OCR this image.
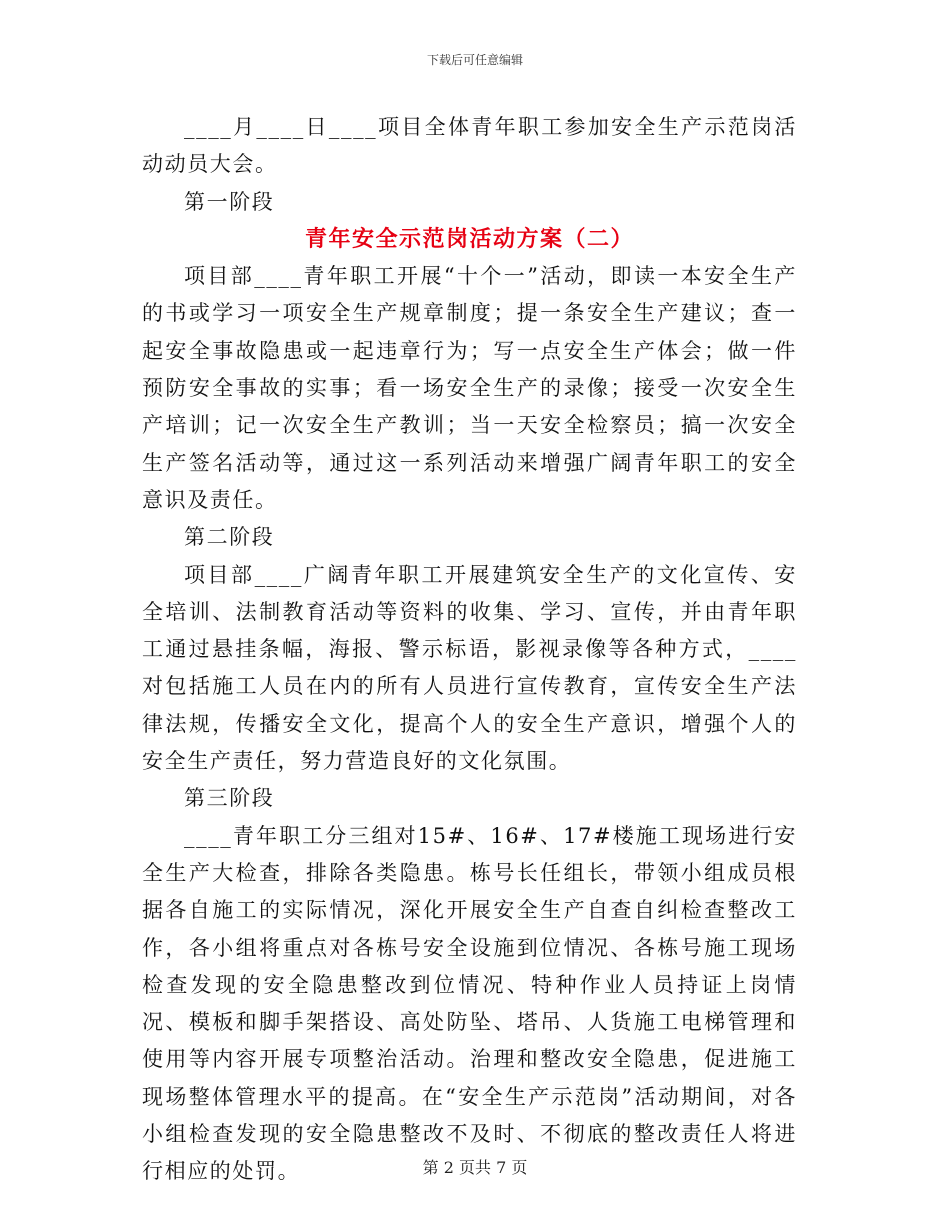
下载后可任意编辑

____月____日____项目全体青年职工参加安全生产示范岗活动动员大会。

第一阶段

青年安全示范岗活动方案（二）

项目部____青年职工开展“十个一”活动，即读一本安全生产的书或学习一项安全生产规章制度；提一条安全生产建议；查一起安全事故隐患或一起违章行为；写一点安全生产体会；做一件预防安全事故的实事；看一场安全生产的录像；接受一次安全生产培训；记一次安全生产教训；当一天安全检察员；搞一次安全生产签名活动等，通过这一系列活动来增强广阔青年职工的安全意识及责任。

第二阶段

项目部____广阔青年职工开展建筑安全生产的文化宣传、安全培训、法制教育活动等资料的收集、学习、宣传，并由青年职工通过悬挂条幅，海报、警示标语，影视录像等各种方式，____对包括施工人员在内的所有人员进行宣传教育，宣传安全生产法律法规，传播安全文化，提高个人的安全生产意识，增强个人的安全生产责任，努力营造良好的文化氛围。

第三阶段

____青年职工分三组对15#、16#、17#楼施工现场进行安全生产大检查，排除各类隐患。栋号长任组长，带领小组成员根据各自施工的实际情况，深化开展安全生产自查自纠检查整改工作，各小组将重点对各栋号安全设施到位情况、各栋号施工现场检查发现的安全隐患整改到位情况、特种作业人员持证上岗情况、模板和脚手架搭设、高处防坠、塔吊、人货施工电梯管理和使用等内容开展专项整治活动。治理和整改安全隐患，促进施工现场整体管理水平的提高。在“安全生产示范岗”活动期间，对各小组检查发现的安全隐患整改不及时、不彻底的整改责任人将进行相应的处罚。	第 2 页共 7 页
